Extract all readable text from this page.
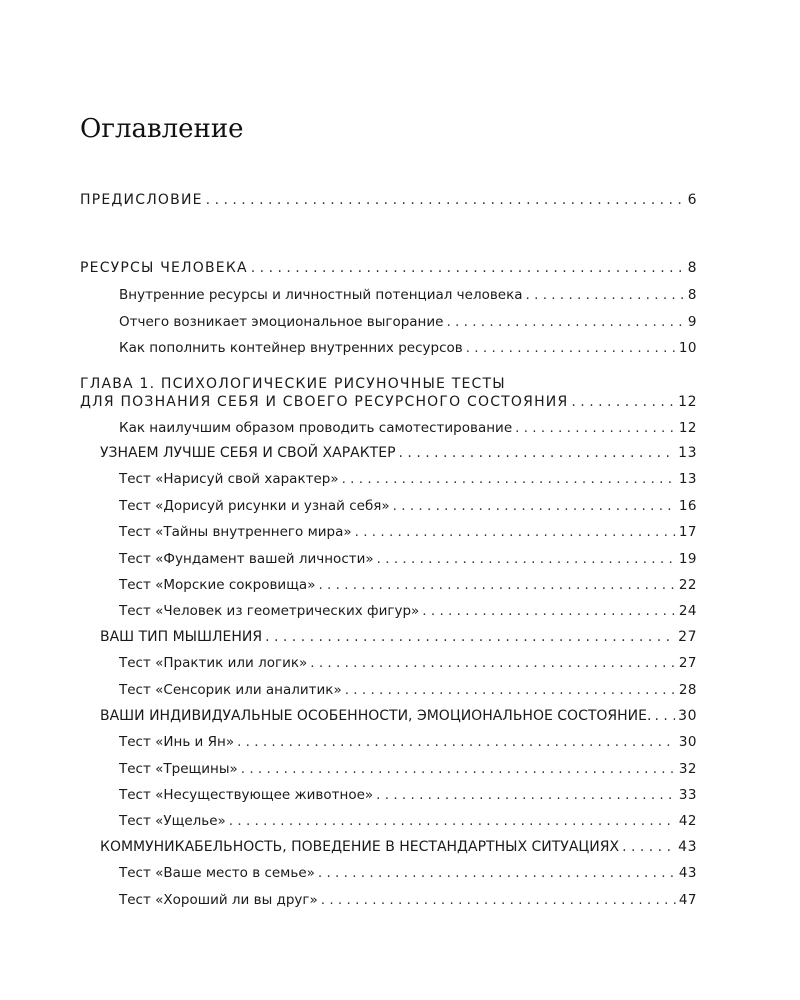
Оглавление
ПРЕДИСЛОВИЕ . . .	6
РЕСУРСЫ ЧЕЛОВЕКА . . .	8
Внутренние ресурсы и личностный потенциал человека . . .	8
Отчего возникает эмоциональное выгорание . . .	9
Как пополнить контейнер внутренних ресурсов . . .	10
ГЛАВА 1. ПСИХОЛОГИЧЕСКИЕ РИСУНОЧНЫЕ ТЕСТЫ
ДЛЯ ПОЗНАНИЯ СЕБЯ И СВОЕГО РЕСУРСНОГО СОСТОЯНИЯ . . .	12
Как наилучшим образом проводить самотестирование . . .	12
УЗНАЕМ ЛУЧШЕ СЕБЯ И СВОЙ ХАРАКТЕР . . .	13
Тест «Нарисуй свой характер» . . .	13
Тест «Дорисуй рисунки и узнай себя» . . .	16
Тест «Тайны внутреннего мира» . . .	17
Тест «Фундамент вашей личности» . . .	19
Тест «Морские сокровища» . . .	22
Тест «Человек из геометрических фигур» . . .	24
ВАШ ТИП МЫШЛЕНИЯ . . .	27
Тест «Практик или логик» . . .	27
Тест «Сенсорик или аналитик» . . .	28
ВАШИ ИНДИВИДУАЛЬНЫЕ ОСОБЕННОСТИ, ЭМОЦИОНАЛЬНОЕ СОСТОЯНИЕ. . . . 30
Тест «Инь и Ян» . . .	30
Тест «Трещины» . . .	32
Тест «Несуществующее животное» . . .	33
Тест «Ущелье» . . .	42
КОММУНИКАБЕЛЬНОСТЬ, ПОВЕДЕНИЕ В НЕСТАНДАРТНЫХ СИТУАЦИЯХ . . .	43
Тест «Ваше место в семье» . . .	43
Тест «Хороший ли вы друг» . . .	47
